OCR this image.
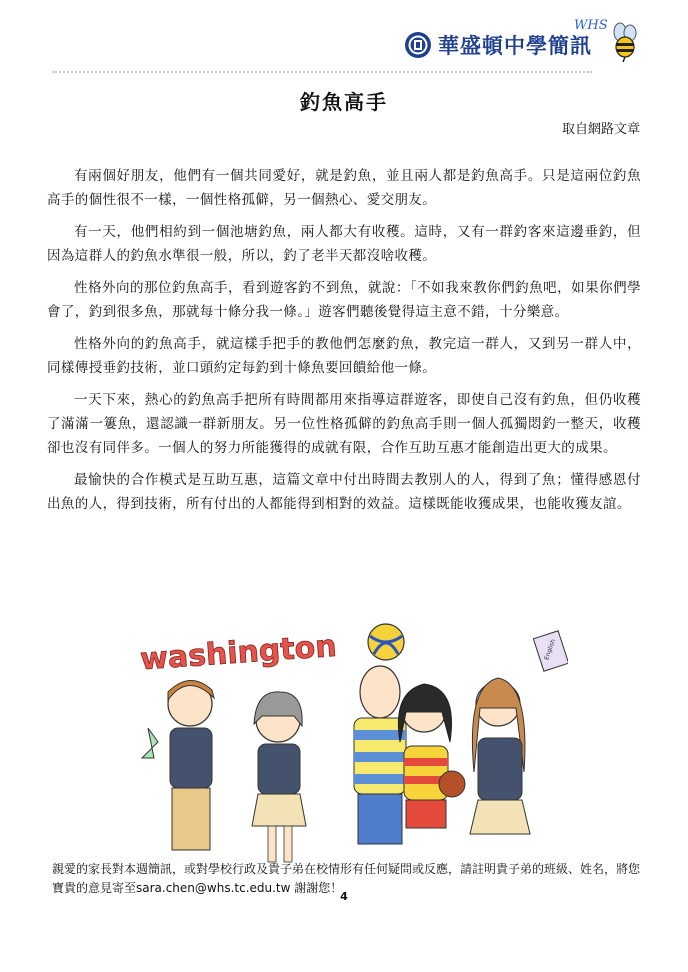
華盛頓中學簡訊
WHS
釣魚高手
取自網路文章

有兩個好朋友，他們有一個共同愛好，就是釣魚，並且兩人都是釣魚高手。只是這兩位釣魚高手的個性很不一樣，一個性格孤僻，另一個熱心、愛交朋友。

有一天，他們相約到一個池塘釣魚，兩人都大有收穫。這時，又有一群釣客來這邊垂釣，但因為這群人的釣魚水準很一般，所以，釣了老半天都沒啥收穫。

性格外向的那位釣魚高手，看到遊客釣不到魚，就說：「不如我來教你們釣魚吧，如果你們學會了，釣到很多魚，那就每十條分我一條。」遊客們聽後覺得這主意不錯，十分樂意。

性格外向的釣魚高手，就這樣手把手的教他們怎麼釣魚，教完這一群人，又到另一群人中，同樣傳授垂釣技術，並口頭約定每釣到十條魚要回饋給他一條。

一天下來，熱心的釣魚高手把所有時間都用來指導這群遊客，即使自己沒有釣魚，但仍收穫了滿滿一簍魚，還認識一群新朋友。另一位性格孤僻的釣魚高手則一個人孤獨悶釣一整天，收穫卻也沒有同伴多。一個人的努力所能獲得的成就有限，合作互助互惠才能創造出更大的成果。

最愉快的合作模式是互助互惠，這篇文章中付出時間去教別人的人，得到了魚；懂得感恩付出魚的人，得到技術，所有付出的人都能得到相對的效益。這樣既能收獲成果，也能收獲友誼。

washington	English
親愛的家長對本週簡訊，或對學校行政及貴子弟在校情形有任何疑問或反應，請註明貴子弟的班級、姓名，將您寶貴的意見寄至sara.chen@whs.tc.edu.tw 謝謝您！
4
